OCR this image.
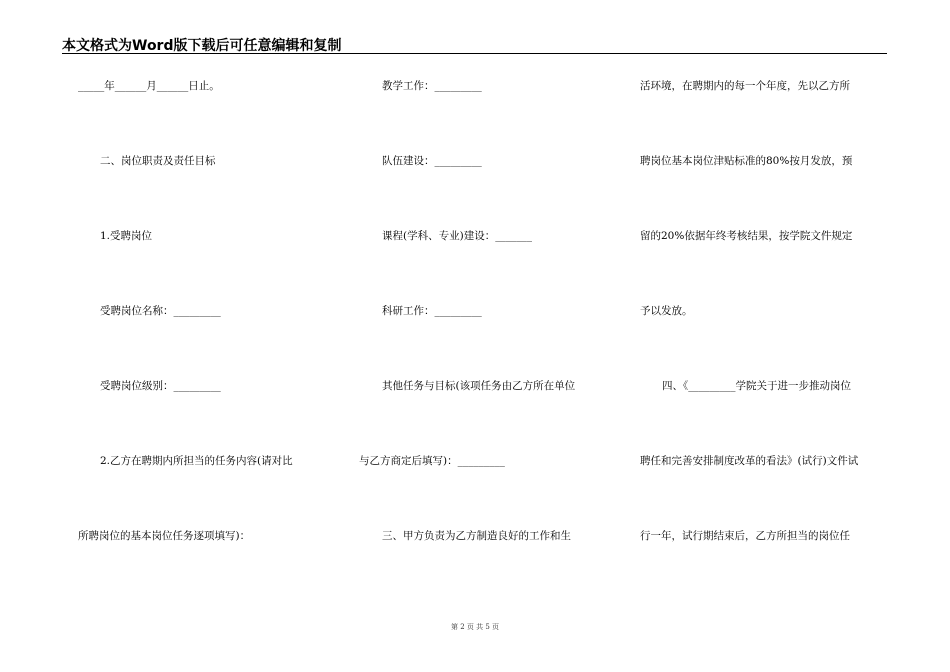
本文格式为Word版下载后可任意编辑和复制
_____年______月______日止。
二、岗位职责及责任目标
1.受聘岗位
受聘岗位名称：_________
受聘岗位级别：_________
2.乙方在聘期内所担当的任务内容(请对比
所聘岗位的基本岗位任务逐项填写)：
教学工作：_________
队伍建设：_________
课程(学科、专业)建设：_______
科研工作：_________
其他任务与目标(该项任务由乙方所在单位
与乙方商定后填写)：_________
三、甲方负责为乙方制造良好的工作和生
活环境，在聘期内的每一个年度，先以乙方所
聘岗位基本岗位津贴标准的80%按月发放，预
留的20%依据年终考核结果，按学院文件规定
予以发放。
四、《_________学院关于进一步推动岗位
聘任和完善安排制度改革的看法》(试行)文件试
行一年，试行期结束后，乙方所担当的岗位任
第 2 页 共 5 页
